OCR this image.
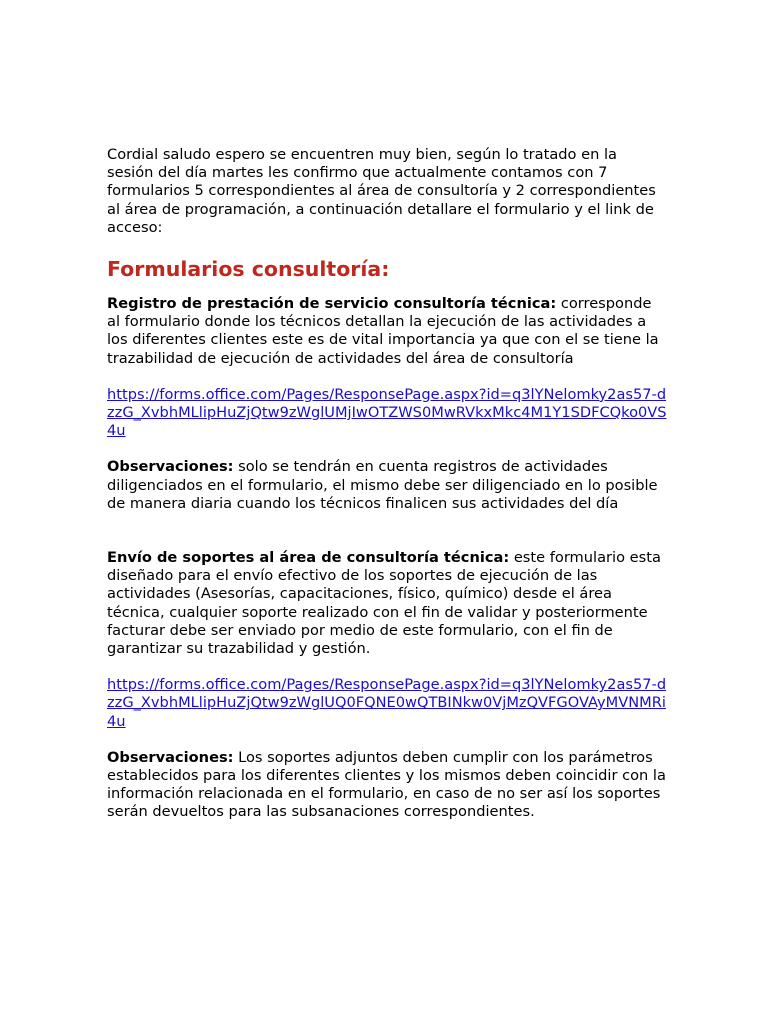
Cordial saludo espero se encuentren muy bien, según lo tratado en la sesión del día martes les confirmo que actualmente contamos con 7 formularios 5 correspondientes al área de consultoría y 2 correspondientes al área de programación, a continuación detallare el formulario y el link de acceso:

Formularios consultoría:

Registro de prestación de servicio consultoría técnica: corresponde al formulario donde los técnicos detallan la ejecución de las actividades a los diferentes clientes este es de vital importancia ya que con el se tiene la trazabilidad de ejecución de actividades del área de consultoría

https://forms.office.com/Pages/ResponsePage.aspx?id=q3lYNelomky2as57-dzzG_XvbhMLlipHuZjQtw9zWglUMjIwOTZWS0MwRVkxMkc4M1Y1SDFCQko0VS4u

Observaciones: solo se tendrán en cuenta registros de actividades diligenciados en el formulario, el mismo debe ser diligenciado en lo posible de manera diaria cuando los técnicos finalicen sus actividades del día

Envío de soportes al área de consultoría técnica: este formulario esta diseñado para el envío efectivo de los soportes de ejecución de las actividades (Asesorías, capacitaciones, físico, químico) desde el área técnica, cualquier soporte realizado con el fin de validar y posteriormente facturar debe ser enviado por medio de este formulario, con el fin de garantizar su trazabilidad y gestión.

https://forms.office.com/Pages/ResponsePage.aspx?id=q3lYNelomky2as57-dzzG_XvbhMLlipHuZjQtw9zWglUQ0FQNE0wQTBINkw0VjMzQVFGOVAyMVNMRi4u

Observaciones: Los soportes adjuntos deben cumplir con los parámetros establecidos para los diferentes clientes y los mismos deben coincidir con la información relacionada en el formulario, en caso de no ser así los soportes serán devueltos para las subsanaciones correspondientes.
